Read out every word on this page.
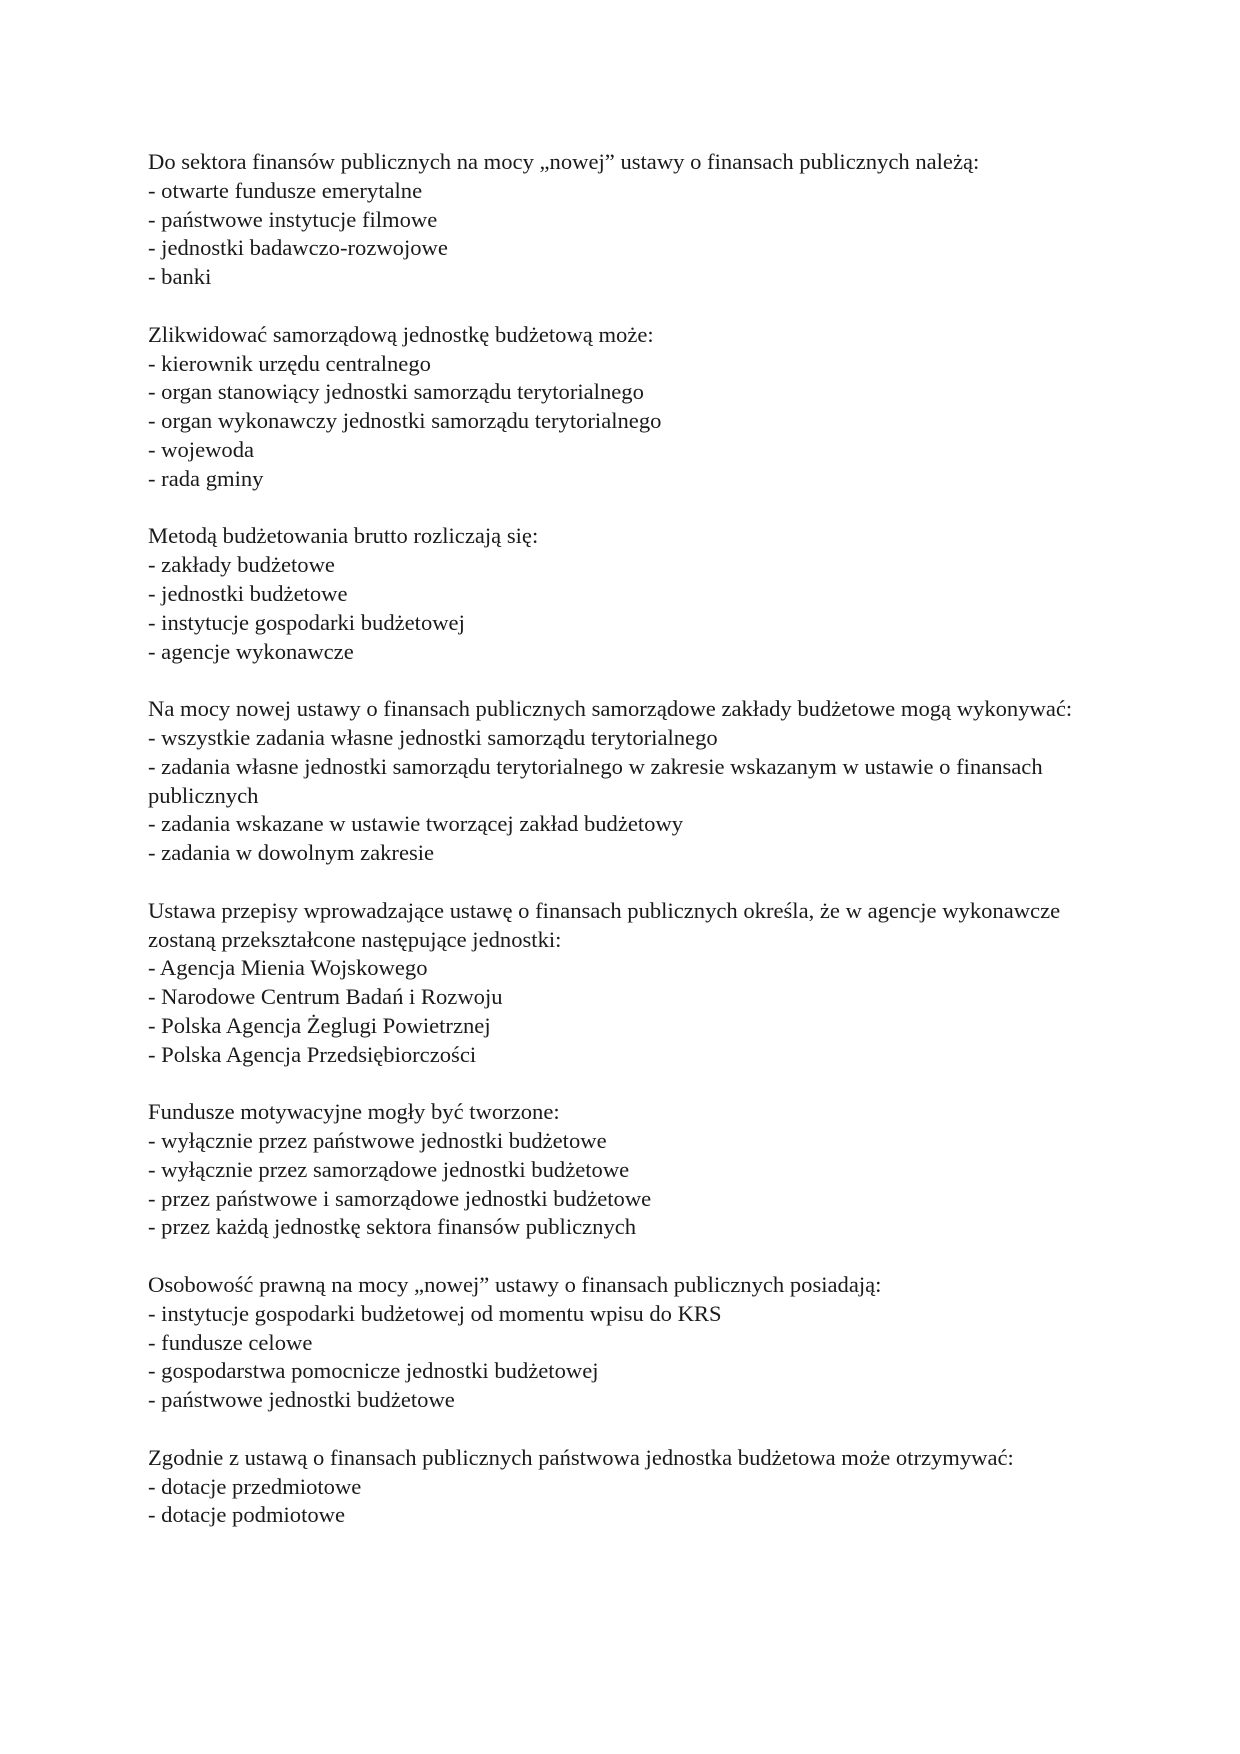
Do sektora finansów publicznych na mocy „nowej” ustawy o finansach publicznych należą:
- otwarte fundusze emerytalne
- państwowe instytucje filmowe
- jednostki badawczo-rozwojowe
- banki
Zlikwidować samorządową jednostkę budżetową może:
- kierownik urzędu centralnego
- organ stanowiący jednostki samorządu terytorialnego
- organ wykonawczy jednostki samorządu terytorialnego
- wojewoda
- rada gminy
Metodą budżetowania brutto rozliczają się:
- zakłady budżetowe
- jednostki budżetowe
- instytucje gospodarki budżetowej
- agencje wykonawcze
Na mocy nowej ustawy o finansach publicznych samorządowe zakłady budżetowe mogą wykonywać:
- wszystkie zadania własne jednostki samorządu terytorialnego
- zadania własne jednostki samorządu terytorialnego w zakresie wskazanym w ustawie o finansach publicznych
- zadania wskazane w ustawie tworzącej zakład budżetowy
- zadania w dowolnym zakresie
Ustawa przepisy wprowadzające ustawę o finansach publicznych określa, że w agencje wykonawcze zostaną przekształcone następujące jednostki:
- Agencja Mienia Wojskowego
- Narodowe Centrum Badań i Rozwoju
- Polska Agencja Żeglugi Powietrznej
- Polska Agencja Przedsiębiorczości
Fundusze motywacyjne mogły być tworzone:
- wyłącznie przez państwowe jednostki budżetowe
- wyłącznie przez samorządowe jednostki budżetowe
- przez państwowe i samorządowe jednostki budżetowe
- przez każdą jednostkę sektora finansów publicznych
Osobowość prawną na mocy „nowej” ustawy o finansach publicznych posiadają:
- instytucje gospodarki budżetowej od momentu wpisu do KRS
- fundusze celowe
- gospodarstwa pomocnicze jednostki budżetowej
- państwowe jednostki budżetowe
Zgodnie z ustawą o finansach publicznych państwowa jednostka budżetowa może otrzymywać:
- dotacje przedmiotowe
- dotacje podmiotowe
